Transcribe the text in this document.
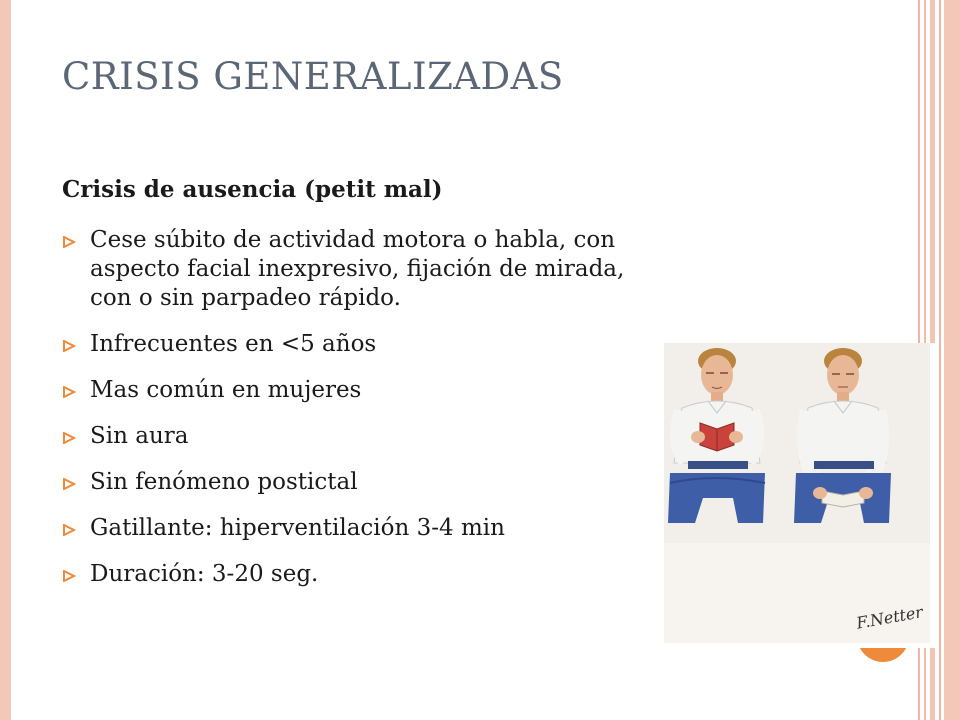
CRISIS GENERALIZADAS
Crisis de ausencia (petit mal)
Cese súbito de actividad motora o habla, con aspecto facial inexpresivo, fijación de mirada, con o sin parpadeo rápido.
Infrecuentes en <5 años
Mas común en mujeres
Sin aura
Sin fenómeno postictal
Gatillante: hiperventilación 3-4 min
Duración: 3-20 seg.
F.Netter
